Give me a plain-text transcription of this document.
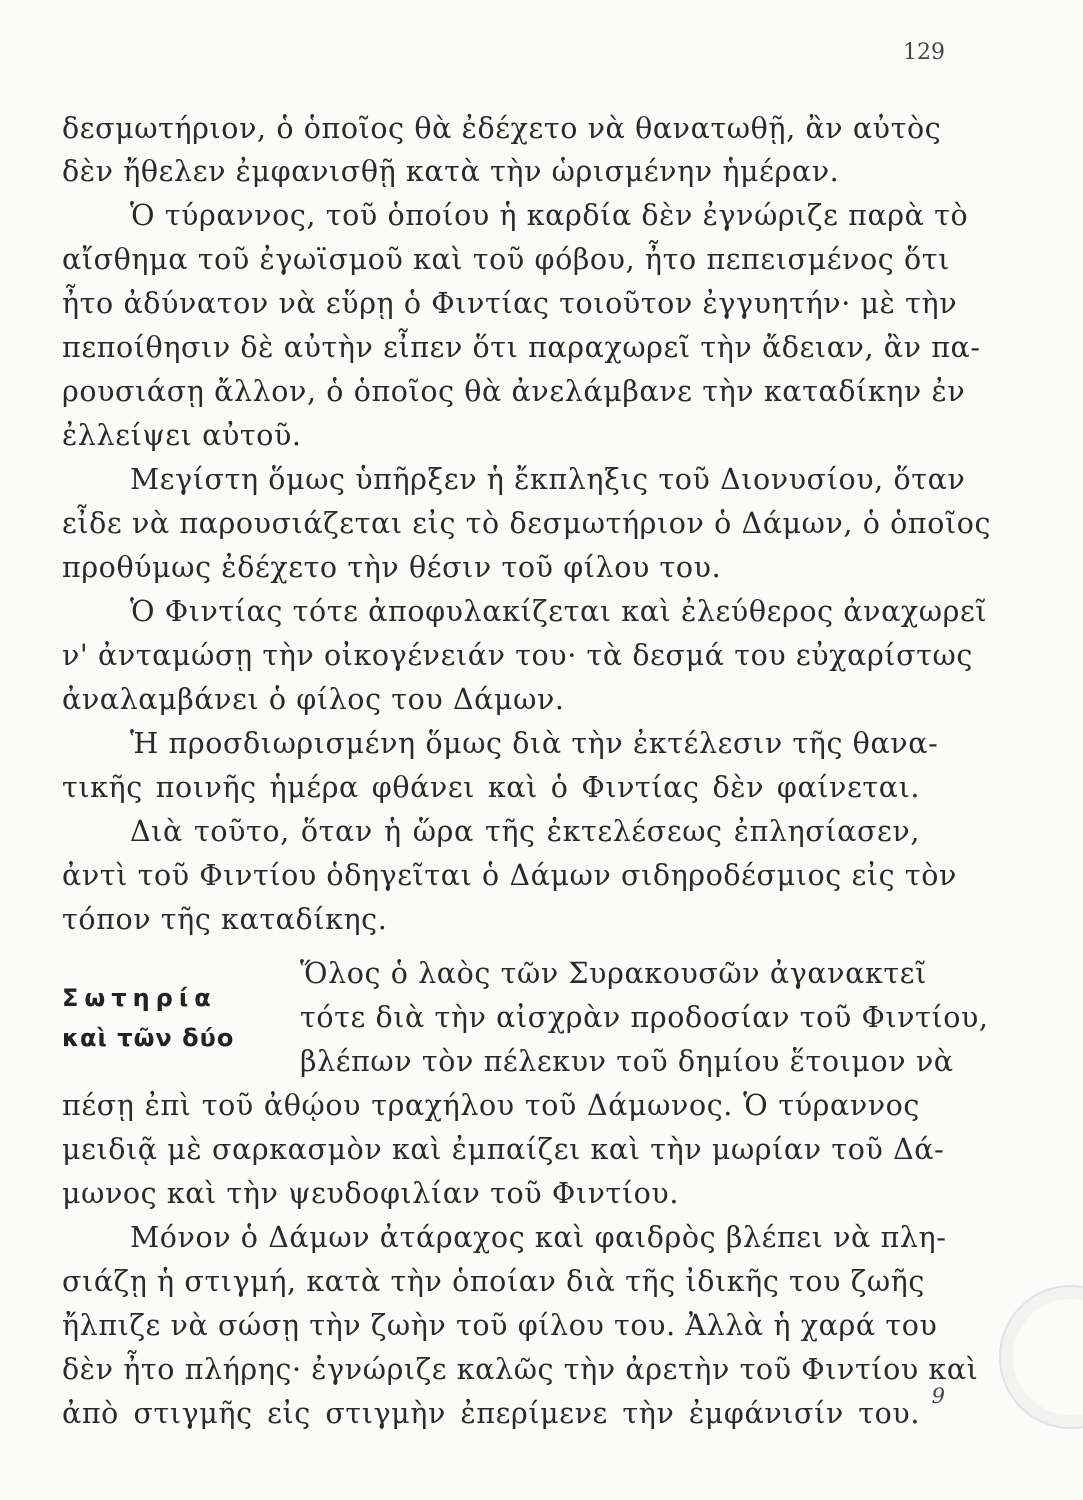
129
δεσμωτήριον, ὁ ὁποῖος θὰ ἐδέχετο νὰ θανατωθῇ, ἂν αὐτὸς
δὲν ἤθελεν ἐμφανισθῇ κατὰ τὴν ὡρισμένην ἡμέραν.
Ὁ τύραννος, τοῦ ὁποίου ἡ καρδία δὲν ἐγνώριζε παρὰ τὸ
αἴσθημα τοῦ ἐγωϊσμοῦ καὶ τοῦ φόβου, ἦτο πεπεισμένος ὅτι
ἦτο ἀδύνατον νὰ εὕρῃ ὁ Φιντίας τοιοῦτον ἐγγυητήν· μὲ τὴν
πεποίθησιν δὲ αὐτὴν εἶπεν ὅτι παραχωρεῖ τὴν ἄδειαν, ἂν πα-
ρουσιάσῃ ἄλλον, ὁ ὁποῖος θὰ ἀνελάμβανε τὴν καταδίκην ἐν
ἐλλείψει αὐτοῦ.
Μεγίστη ὅμως ὑπῆρξεν ἡ ἔκπληξις τοῦ Διονυσίου, ὅταν
εἶδε νὰ παρουσιάζεται εἰς τὸ δεσμωτήριον ὁ Δάμων, ὁ ὁποῖος
προθύμως ἐδέχετο τὴν θέσιν τοῦ φίλου του.
Ὁ Φιντίας τότε ἀποφυλακίζεται καὶ ἐλεύθερος ἀναχωρεῖ
ν' ἀνταμώσῃ τὴν οἰκογένειάν του· τὰ δεσμά του εὐχαρίστως
ἀναλαμβάνει ὁ φίλος του Δάμων.
Ἡ προσδιωρισμένη ὅμως διὰ τὴν ἐκτέλεσιν τῆς θανα-
τικῆς ποινῆς ἡμέρα φθάνει καὶ ὁ Φιντίας δὲν φαίνεται.
Διὰ τοῦτο, ὅταν ἡ ὥρα τῆς ἐκτελέσεως ἐπλησίασεν,
ἀντὶ τοῦ Φιντίου ὁδηγεῖται ὁ Δάμων σιδηροδέσμιος εἰς τὸν
τόπον τῆς καταδίκης.
Σωτηρία
καὶ τῶν δύο
Ὅλος ὁ λαὸς τῶν Συρακουσῶν ἀγανακτεῖ
τότε διὰ τὴν αἰσχρὰν προδοσίαν τοῦ Φιντίου,
βλέπων τὸν πέλεκυν τοῦ δημίου ἕτοιμον νὰ
πέσῃ ἐπὶ τοῦ ἀθῴου τραχήλου τοῦ Δάμωνος. Ὁ τύραννος
μειδιᾷ μὲ σαρκασμὸν καὶ ἐμπαίζει καὶ τὴν μωρίαν τοῦ Δά-
μωνος καὶ τὴν ψευδοφιλίαν τοῦ Φιντίου.
Μόνον ὁ Δάμων ἀτάραχος καὶ φαιδρὸς βλέπει νὰ πλη-
σιάζῃ ἡ στιγμή, κατὰ τὴν ὁποίαν διὰ τῆς ἰδικῆς του ζωῆς
ἤλπιζε νὰ σώσῃ τὴν ζωὴν τοῦ φίλου του. Ἀλλὰ ἡ χαρά του
δὲν ἦτο πλήρης· ἐγνώριζε καλῶς τὴν ἀρετὴν τοῦ Φιντίου καὶ
ἀπὸ στιγμῆς εἰς στιγμὴν ἐπερίμενε τὴν ἐμφάνισίν του.
9
